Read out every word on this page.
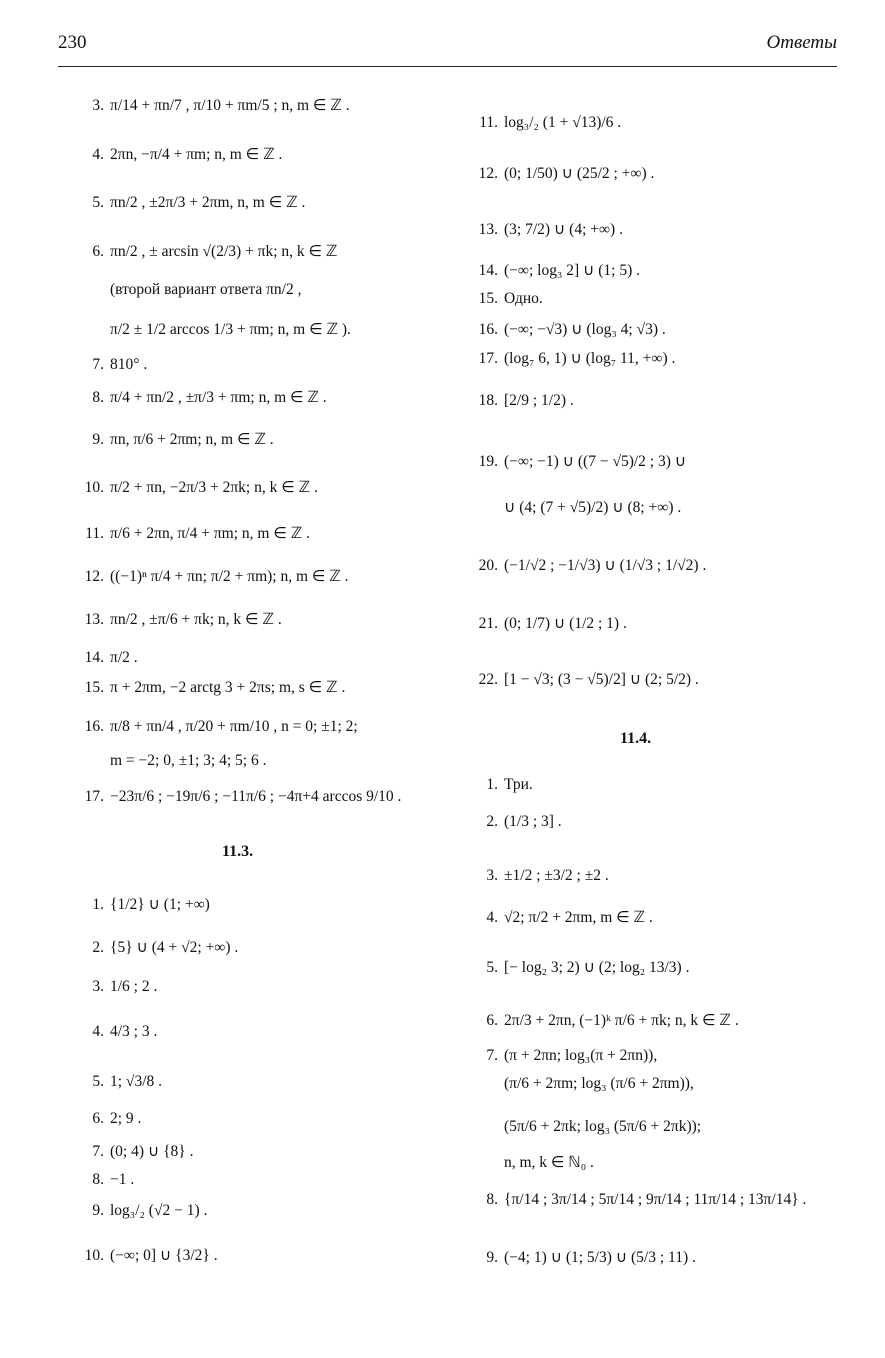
230	Ответы
3. π/14 + πn/7 , π/10 + πm/5 ; n, m ∈ ℤ .
4. 2πn, −π/4 + πm; n, m ∈ ℤ .
5. πn/2 , ±2π/3 + 2πm, n, m ∈ ℤ .
6. πn/2 , ± arcsin √(2/3) + πk; n, k ∈ ℤ
(второй вариант ответа πn/2 ,
π/2 ± 1/2 arccos 1/3 + πm; n, m ∈ ℤ ).
7. 810° .
8. π/4 + πn/2 , ±π/3 + πm; n, m ∈ ℤ .
9. πn, π/6 + 2πm; n, m ∈ ℤ .
10. π/2 + πn, −2π/3 + 2πk; n, k ∈ ℤ .
11. π/6 + 2πn, π/4 + πm; n, m ∈ ℤ .
12. ((−1)ⁿ π/4 + πn; π/2 + πm); n, m ∈ ℤ .
13. πn/2 , ±π/6 + πk; n, k ∈ ℤ .
14. π/2 .
15. π + 2πm, −2 arctg 3 + 2πs; m, s ∈ ℤ .
16. π/8 + πn/4 , π/20 + πm/10 , n = 0; ±1; 2;
m = −2; 0, ±1; 3; 4; 5; 6 .
17. −23π/6 ; −19π/6 ; −11π/6 ; −4π+4 arccos 9/10 .
11.3.
1. {1/2} ∪ (1; +∞)
2. {5} ∪ (4 + √2; +∞) .
3. 1/6 ; 2 .
4. 4/3 ; 3 .
5. 1; √3/8 .
6. 2; 9 .
7. (0; 4) ∪ {8} .
8. −1 .
9. log₃/₂ (√2 − 1) .
10. (−∞; 0] ∪ {3/2} .
11. log₃/₂ (1 + √13)/6 .
12. (0; 1/50) ∪ (25/2 ; +∞) .
13. (3; 7/2) ∪ (4; +∞) .
14. (−∞; log₃ 2] ∪ (1; 5) .
15. Одно.
16. (−∞; −√3) ∪ (log₃ 4; √3) .
17. (log₇ 6, 1) ∪ (log₇ 11, +∞) .
18. [2/9 ; 1/2) .
19. (−∞; −1) ∪ ((7 − √5)/2 ; 3) ∪
∪ (4; (7 + √5)/2) ∪ (8; +∞) .
20. (−1/√2 ; −1/√3) ∪ (1/√3 ; 1/√2) .
21. (0; 1/7) ∪ (1/2 ; 1) .
22. [1 − √3; (3 − √5)/2] ∪ (2; 5/2) .
11.4.
1. Три.
2. (1/3 ; 3] .
3. ±1/2 ; ±3/2 ; ±2 .
4. √2; π/2 + 2πm, m ∈ ℤ .
5. [− log₂ 3; 2) ∪ (2; log₂ 13/3) .
6. 2π/3 + 2πn, (−1)ᵏ π/6 + πk; n, k ∈ ℤ .
7. (π + 2πn; log₃(π + 2πn)),
(π/6 + 2πm; log₃ (π/6 + 2πm)),
(5π/6 + 2πk; log₃ (5π/6 + 2πk));
n, m, k ∈ ℕ₀ .
8. {π/14 ; 3π/14 ; 5π/14 ; 9π/14 ; 11π/14 ; 13π/14} .
9. (−4; 1) ∪ (1; 5/3) ∪ (5/3 ; 11) .
